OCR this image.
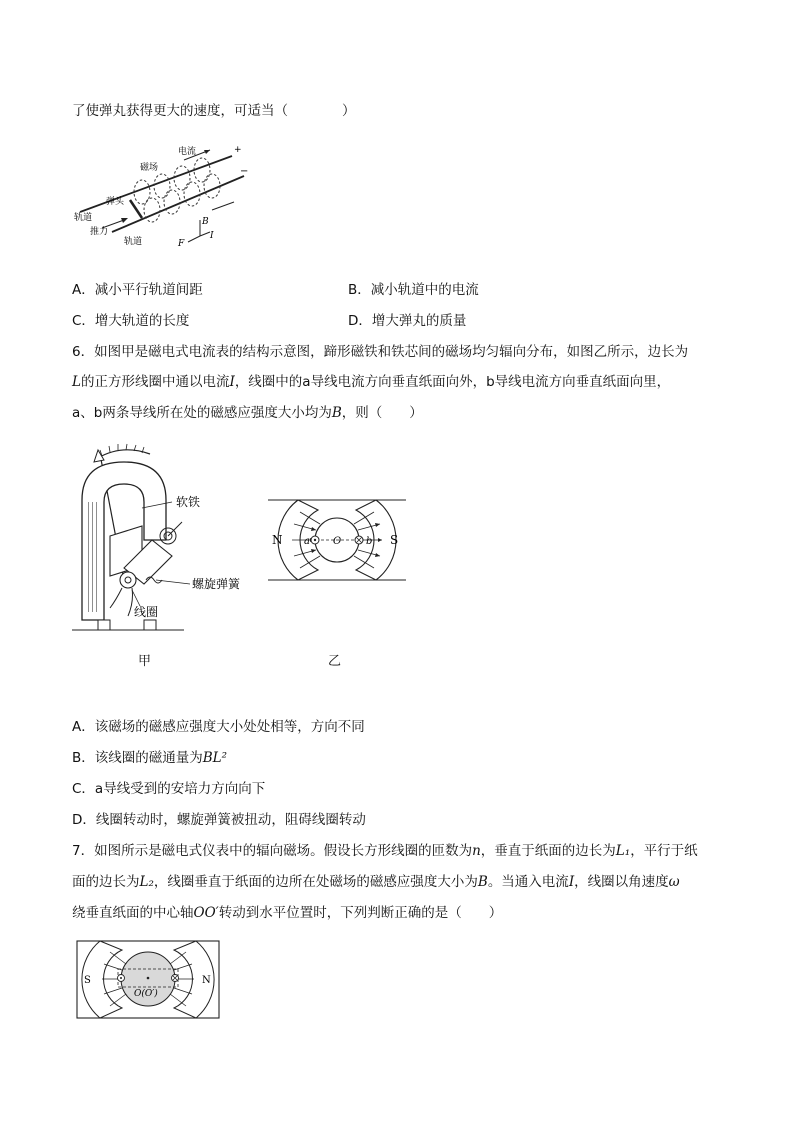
了使弹丸获得更大的速度，可适当（　　　　）
电流	+
−
磁场
弹头
轨道
推力
轨道
B
F
I
A．减小平行轨道间距	B．减小轨道中的电流
C．增大轨道的长度	D．增大弹丸的质量
6．如图甲是磁电式电流表的结构示意图，蹄形磁铁和铁芯间的磁场均匀辐向分布，如图乙所示，边长为
L的正方形线圈中通以电流I，线圈中的a导线电流方向垂直纸面向外，b导线电流方向垂直纸面向里，
a、b两条导线所在处的磁感应强度大小均为B，则（　　）
软铁
螺旋弹簧
线圈
甲
N	S
a O b
乙
A．该磁场的磁感应强度大小处处相等，方向不同
B．该线圈的磁通量为BL²
C．a导线受到的安培力方向向下
D．线圈转动时，螺旋弹簧被扭动，阻碍线圈转动
7．如图所示是磁电式仪表中的辐向磁场。假设长方形线圈的匝数为n，垂直于纸面的边长为L₁，平行于纸
面的边长为L₂，线圈垂直于纸面的边所在处磁场的磁感应强度大小为B。当通入电流I，线圈以角速度ω
绕垂直纸面的中心轴OO′转动到水平位置时，下列判断正确的是（　　）
S	N
O(O′)
